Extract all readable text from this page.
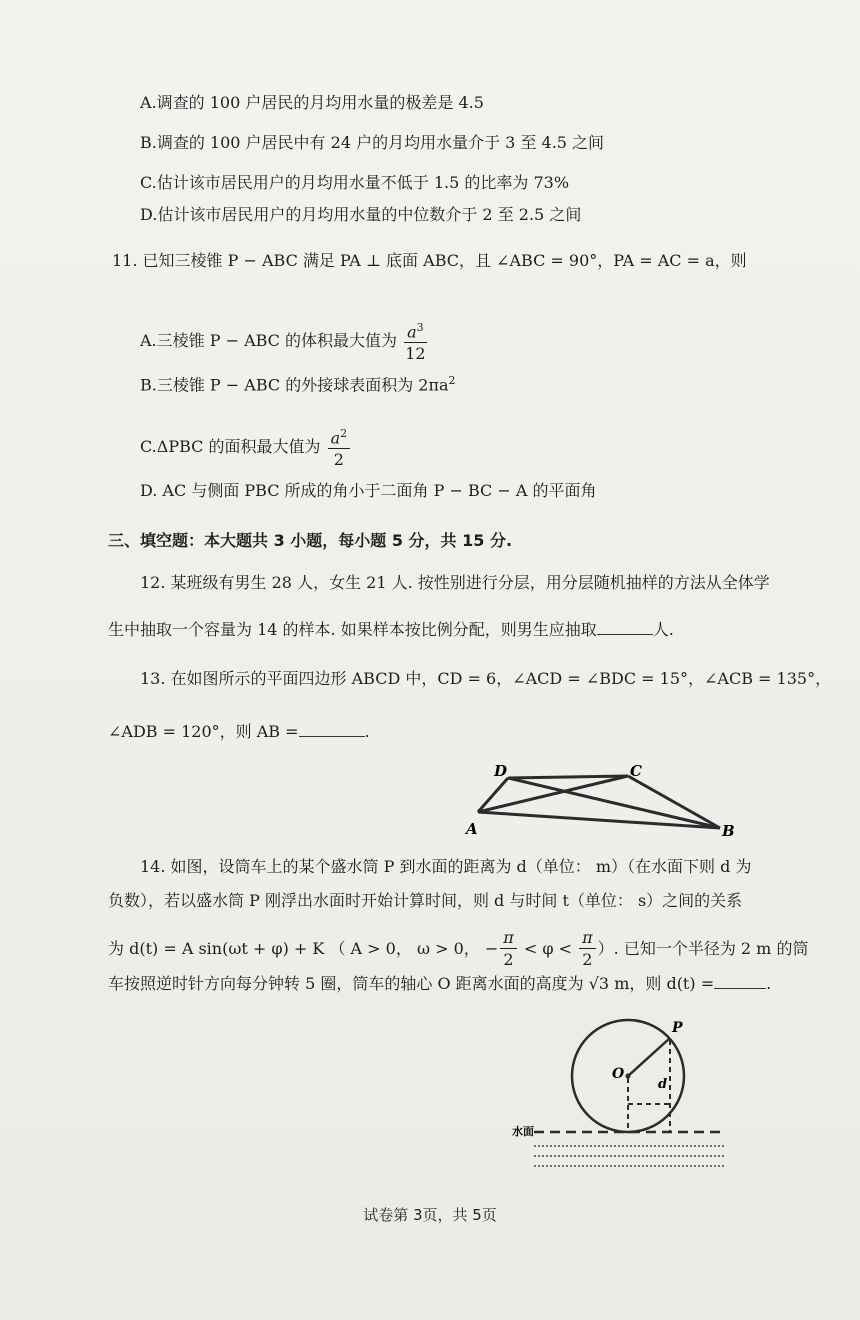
A.调查的 100 户居民的月均用水量的极差是 4.5
B.调查的 100 户居民中有 24 户的月均用水量介于 3 至 4.5 之间
C.估计该市居民用户的月均用水量不低于 1.5 的比率为 73%
D.估计该市居民用户的月均用水量的中位数介于 2 至 2.5 之间
11. 已知三棱锥 P − ABC 满足 PA ⊥ 底面 ABC，且 ∠ABC = 90°，PA = AC = a，则
A.三棱锥 P − ABC 的体积最大值为 $\frac{a^3}{12}$
B.三棱锥 P − ABC 的外接球表面积为 $2\pi a^2$
C.ΔPBC 的面积最大值为 $\frac{a^2}{2}$
D. AC 与侧面 PBC 所成的角小于二面角 P − BC − A 的平面角
三、填空题：本大题共 3 小题，每小题 5 分，共 15 分.
12. 某班级有男生 28 人，女生 21 人. 按性别进行分层，用分层随机抽样的方法从全体学
生中抽取一个容量为 14 的样本. 如果样本按比例分配，则男生应抽取	人.
13. 在如图所示的平面四边形 ABCD 中，CD = 6，∠ACD = ∠BDC = 15°，∠ACB = 135°，
∠ADB = 120°，则 AB =	.
D	C
A	B
14. 如图，设筒车上的某个盛水筒 P 到水面的距离为 d（单位： m）（在水面下则 d 为
负数），若以盛水筒 P 刚浮出水面时开始计算时间，则 d 与时间 t（单位： s）之间的关系
为 d(t) = A sin(ωt + φ) + K （ A > 0， ω > 0， − $\frac{\pi}{2} < \varphi < \frac{\pi}{2}$ ）. 已知一个半径为 2 m 的筒
车按照逆时针方向每分钟转 5 圈，筒车的轴心 O 距离水面的高度为 √3 m，则 d(t) =	.
水面
P
O
d
试卷第 3页，共 5页
